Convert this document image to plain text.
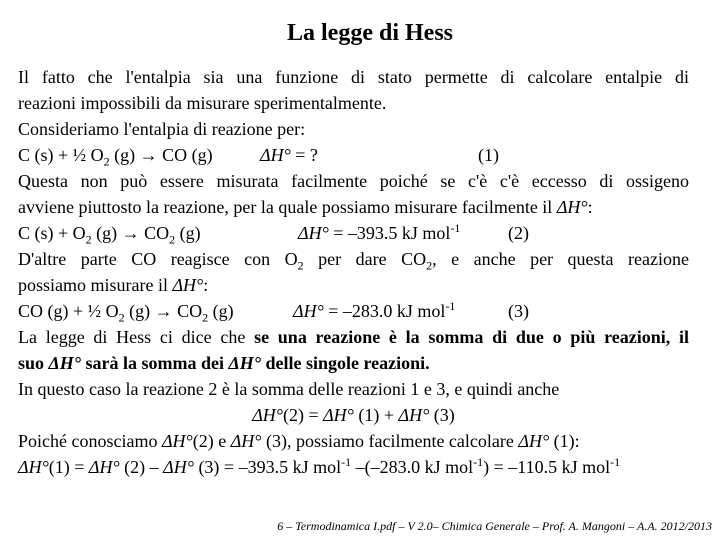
La legge di Hess
Il fatto che l'entalpia sia una funzione di stato permette di calcolare entalpie di
reazioni impossibili da misurare sperimentalmente.
Consideriamo l'entalpia di reazione per:
C (s) + ½ $O_2$ (g) → CO (g)	ΔH° = ?	(1)
Questa non può essere misurata facilmente poiché se c'è c'è eccesso di ossigeno
avviene piuttosto la reazione, per la quale possiamo misurare facilmente il ΔH°:
C $(s) + O_2$ $(g) \to CO_2$ (g)	ΔH° = –393.5 kJ mol$^{-1}$	(2)
D'altre parte CO reagisce con $O_2$ per dare $CO_2$, e anche per questa reazione
possiamo misurare il ΔH°:
CO (g) + ½ $O_2$ $(g) \to CO_2$ (g)	ΔH° = –283.0 kJ mol$^{-1}$	(3)
La legge di Hess ci dice che se una reazione è la somma di due o più reazioni, il
suo ΔH° sarà la somma dei ΔH° delle singole reazioni.
In questo caso la reazione 2 è la somma delle reazioni 1 e 3, e quindi anche
ΔH°(2) = ΔH° (1) + ΔH° (3)
Poiché conosciamo ΔH°(2) e ΔH° (3), possiamo facilmente calcolare ΔH° (1):
ΔH°(1) = ΔH° (2) – ΔH° (3) = –393.5 kJ mol$^{-1}$ –(–283.0 kJ mol$^{-1}$) = –110.5 kJ mol$^{-1}$
6 – Termodinamica I.pdf – V 2.0– Chimica Generale – Prof. A. Mangoni – A.A. 2012/2013
